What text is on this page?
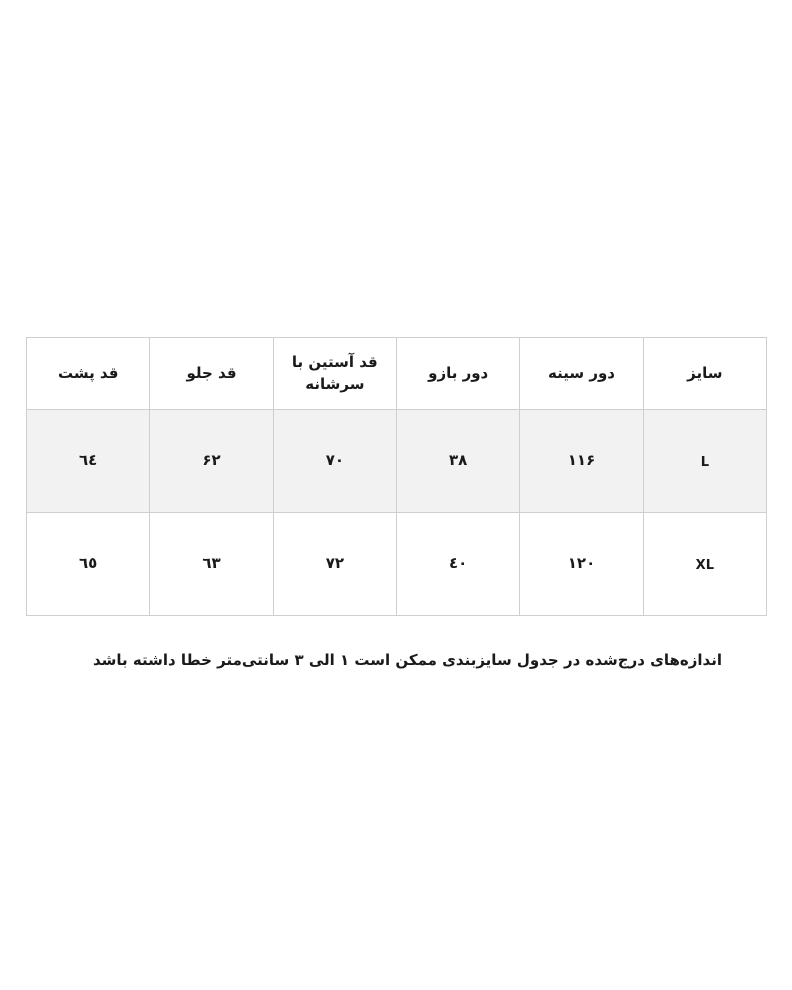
سایز	دور سینه	دور بازو	قد آستین با سرشانه	قد جلو	قد پشت
L	۱۱۶	۳۸	۷۰	۶۲	٦٤
XL	۱۲۰	٤۰	۷۲	٦۳	٦٥
اندازه‌های درج‌شده در جدول سایزبندی ممکن است ۱ الی ۳ سانتی‌متر خطا داشته باشد
